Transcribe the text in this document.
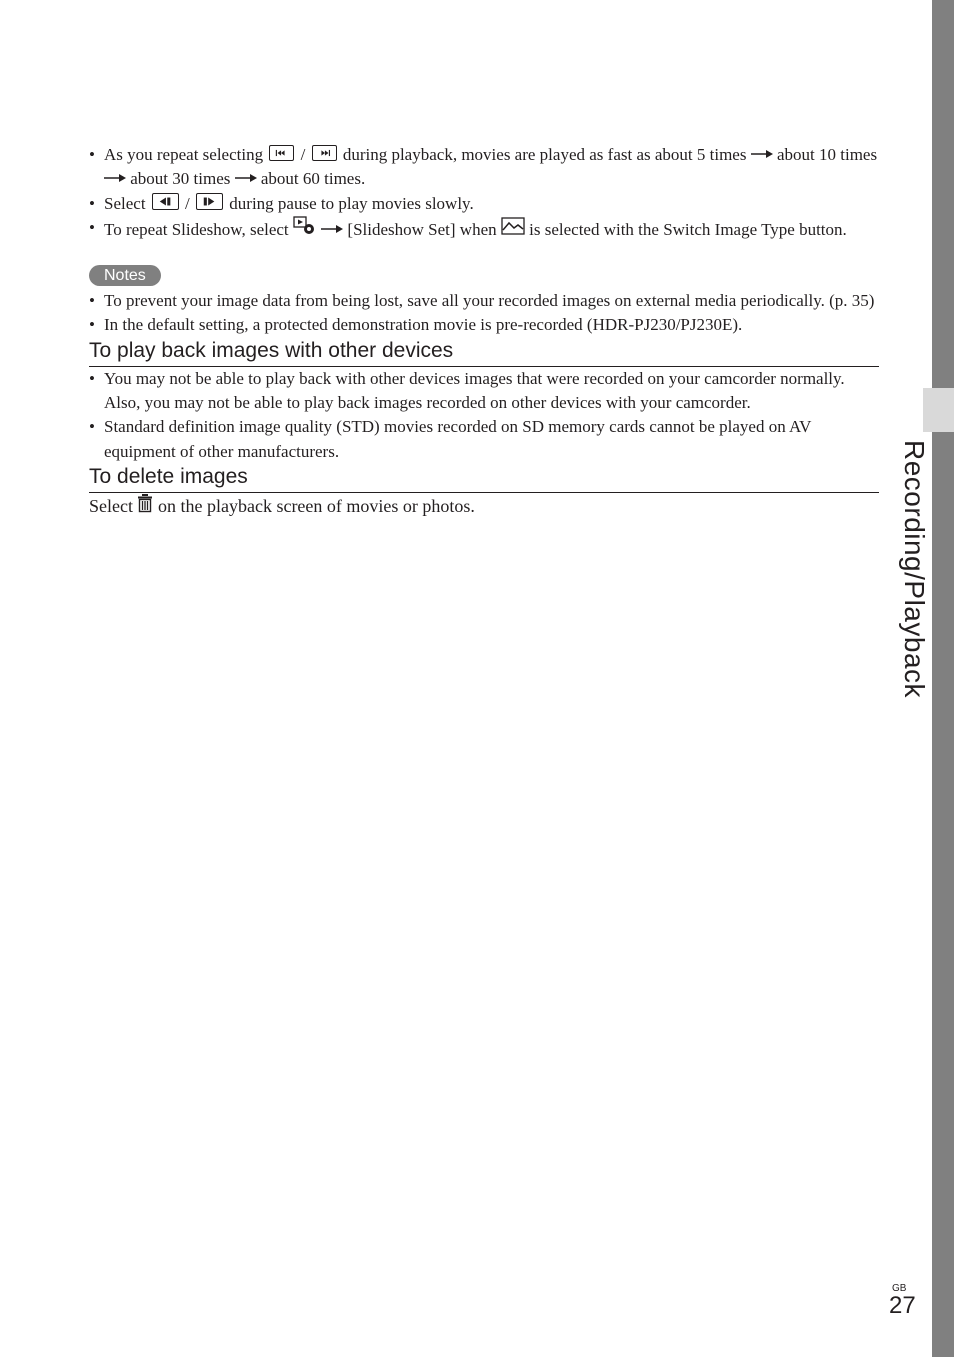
Recording/Playback
• As you repeat selecting / during playback, movies are played as fast as about 5 times about 10 times
about 30 times about 60 times.
• Select / during pause to play movies slowly.
• To repeat Slideshow, select	[Slideshow Set] when is selected with the Switch Image Type button.
Notes
• To prevent your image data from being lost, save all your recorded images on external media periodically. (p. 35)
• In the default setting, a protected demonstration movie is pre-recorded (HDR-PJ230/PJ230E).
To play back images with other devices
• You may not be able to play back with other devices images that were recorded on your camcorder normally. Also, you may not be able to play back images recorded on other devices with your camcorder.
• Standard definition image quality (STD) movies recorded on SD memory cards cannot be played on AV equipment of other manufacturers.
To delete images

Select on the playback screen of movies or photos.

GB
27
